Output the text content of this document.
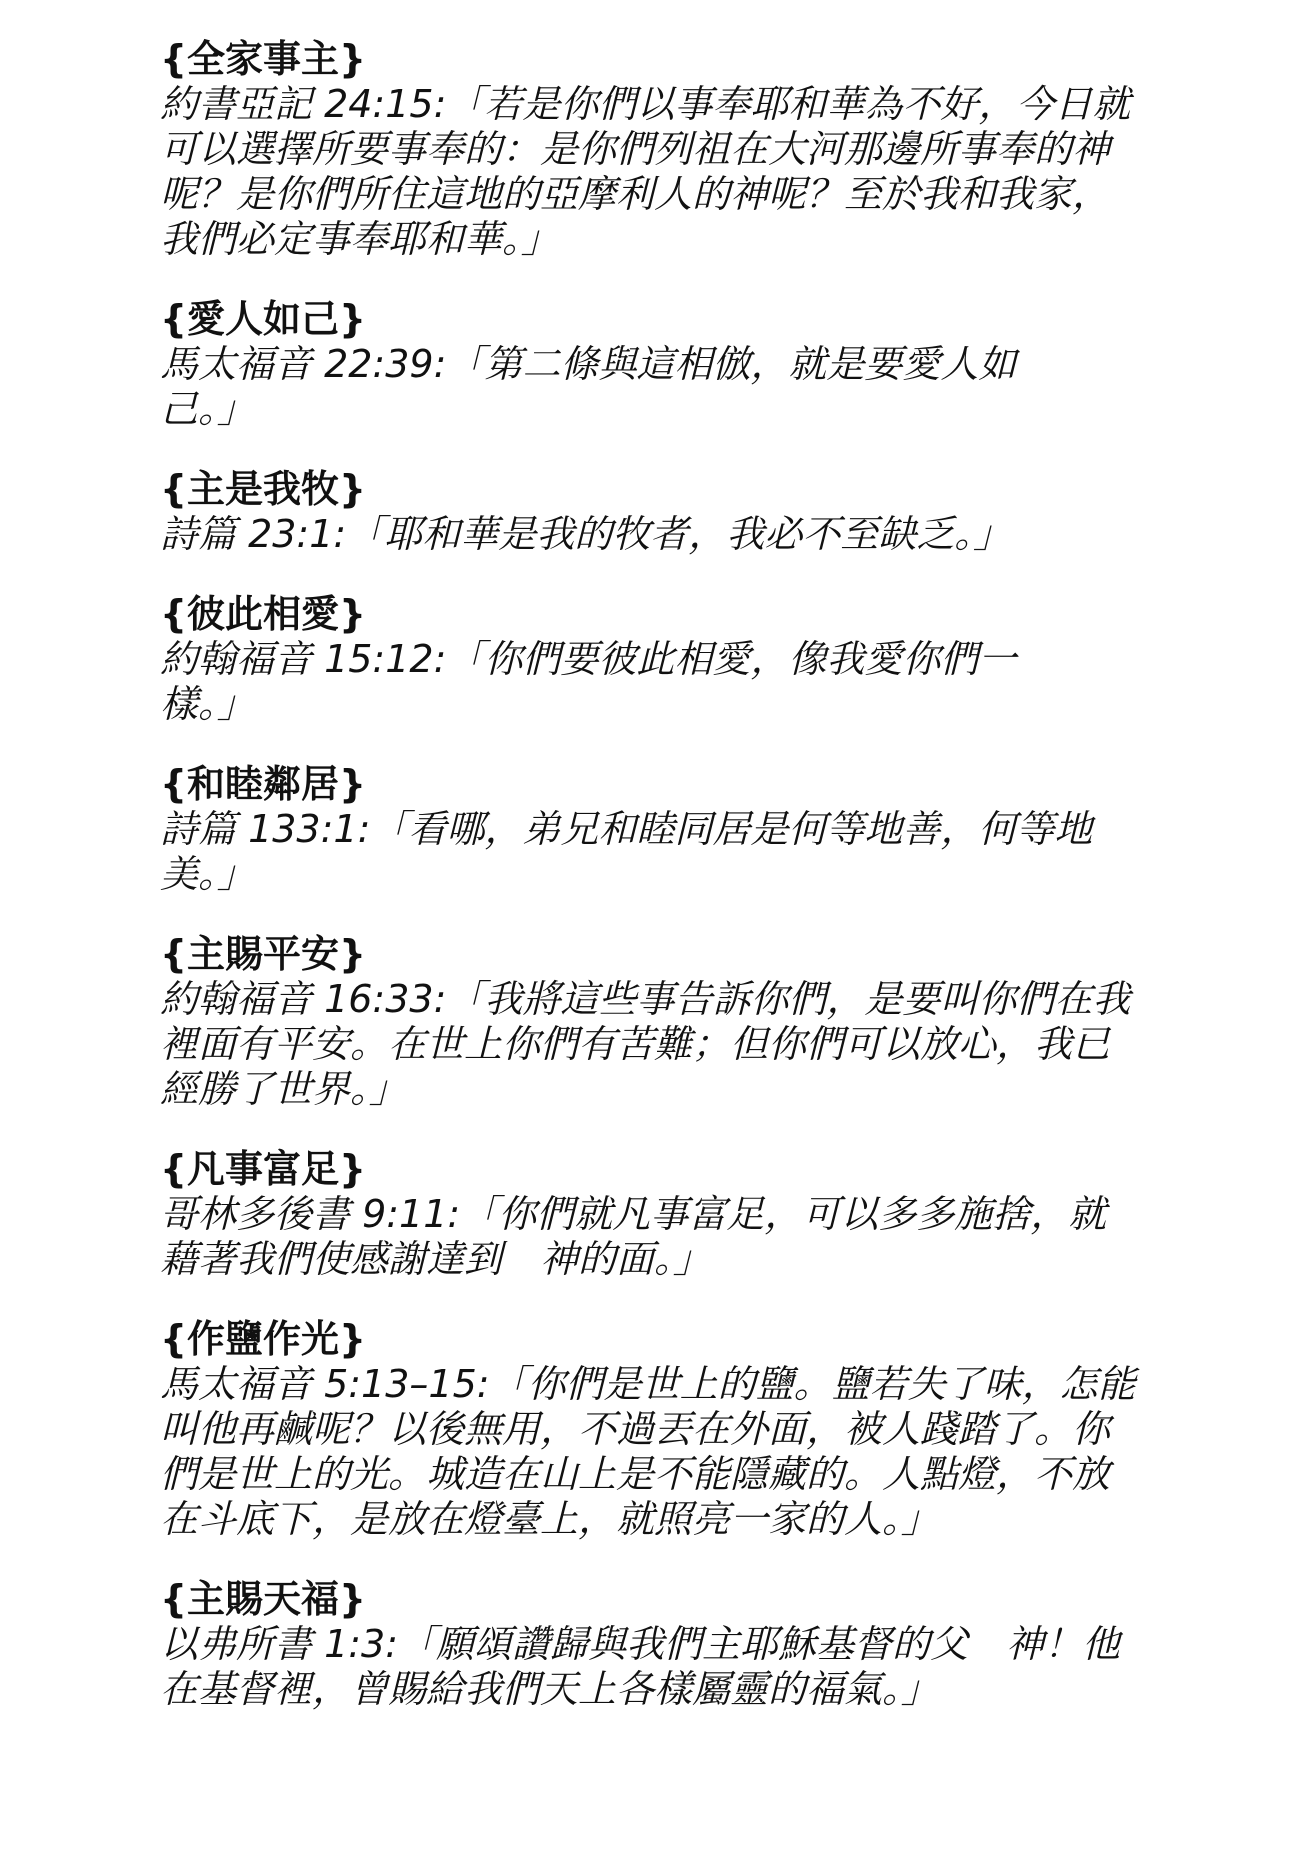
{全家事主}

約書亞記 24:15:「若是你們以事奉耶和華為不好，今日就
可以選擇所要事奉的：是你們列祖在大河那邊所事奉的神
呢？是你們所住這地的亞摩利人的神呢？至於我和我家，
我們必定事奉耶和華。」

{愛人如己}

馬太福音 22:39:「第二條與這相倣，就是要愛人如
己。」

{主是我牧}

詩篇 23:1:「耶和華是我的牧者，我必不至缺乏。」

{彼此相愛}

約翰福音 15:12:「你們要彼此相愛，像我愛你們一
樣。」

{和睦鄰居}

詩篇 133:1:「看哪，弟兄和睦同居是何等地善，何等地
美。」

{主賜平安}

約翰福音 16:33:「我將這些事告訴你們，是要叫你們在我
裡面有平安。在世上你們有苦難；但你們可以放心，我已
經勝了世界。」

{凡事富足}

哥林多後書 9:11:「你們就凡事富足，可以多多施捨，就
藉著我們使感謝達到　神的面。」

{作鹽作光}

馬太福音 5:13–15:「你們是世上的鹽。鹽若失了味，怎能
叫他再鹹呢？以後無用，不過丟在外面，被人踐踏了。你
們是世上的光。城造在山上是不能隱藏的。人點燈，不放
在斗底下，是放在燈臺上，就照亮一家的人。」

{主賜天福}

以弗所書 1:3:「願頌讚歸與我們主耶穌基督的父　神！他
在基督裡，曾賜給我們天上各樣屬靈的福氣。」
